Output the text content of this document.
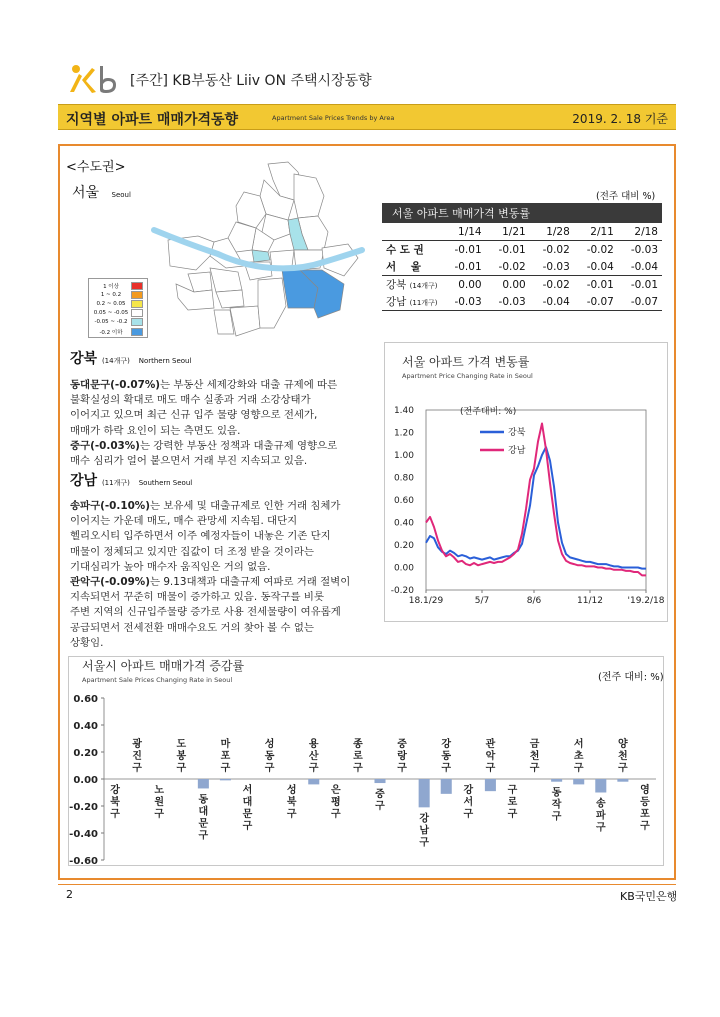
[주간] KB부동산 Liiv ON 주택시장동향
지역별 아파트 매매가격동향	Apartment Sale Prices Trends by Area	2019. 2. 18 기준
<수도권>
서울 Seoul
1 이상
1 ~ 0.2
0.2 ~ 0.05
0.05 ~ -0.05
-0.05 ~ -0.2
-0.2 이하
(전주 대비 %)
서울 아파트 매매가격 변동률					
	1/14	1/21	1/28	2/11	2/18
수 도 권	-0.01	-0.01	-0.02	-0.02	-0.03
서    울	-0.01	-0.02	-0.03	-0.04	-0.04
강북 (14개구)	0.00	0.00	-0.02	-0.01	-0.01
강남 (11개구)	-0.03	-0.03	-0.04	-0.07	-0.07
강북 (14개구) Northern Seoul
동대문구(-0.07%)는 부동산 세제강화와 대출 규제에 따른
불확실성의 확대로 매도 매수 실종과 거래 소강상태가
이어지고 있으며 최근 신규 입주 물량 영향으로 전세가,
매매가 하락 요인이 되는 측면도 있음.
중구(-0.03%)는 강력한 부동산 정책과 대출규제 영향으로
매수 심리가 얼어 붙으면서 거래 부진 지속되고 있음.
강남 (11개구) Southern Seoul
송파구(-0.10%)는 보유세 및 대출규제로 인한 거래 침체가
이어지는 가운데 매도, 매수 관망세 지속됨. 대단지
헬리오시티 입주하면서 이주 예정자들이 내놓은 기존 단지
매물이 정체되고 있지만 집값이 더 조정 받을 것이라는
기대심리가 높아 매수자 움직임은 거의 없음.
관악구(-0.09%)는 9.13대책과 대출규제 여파로 거래 절벽이
지속되면서 꾸준히 매물이 증가하고 있음. 동작구를 비롯
주변 지역의 신규입주물량 증가로 사용 전세물량이 여유롭게
공급되면서 전세전환 매매수요도 거의 찾아 볼 수 없는
상황임.
서울 아파트 가격 변동률
Apartment Price Changing Rate in Seoul
1.40
1.20
1.00
0.80
0.60
0.40
0.20
0.00
-0.20
18.1/29	5/7	8/6	11/12	'19.2/18
(전주대비: %)
강북
강남
서울시 아파트 매매가격 증감률
Apartment Sale Prices Changing Rate in Seoul	(전주 대비: %)
0.60
0.40
0.20
0.00
-0.20
-0.40
-0.60
강 북 구
광 진 구
노 원 구
도 봉 구
동 대 문 구
마 포 구
서 대 문 구
성 동 구
성 북 구
용 산 구
은 평 구
종 로 구
중 구
중 랑 구
강 남 구
강 동 구
강 서 구
관 악 구
구 로 구
금 천 구
동 작 구
서 초 구
송 파 구
양 천 구
영 등 포 구
2	KB국민은행
